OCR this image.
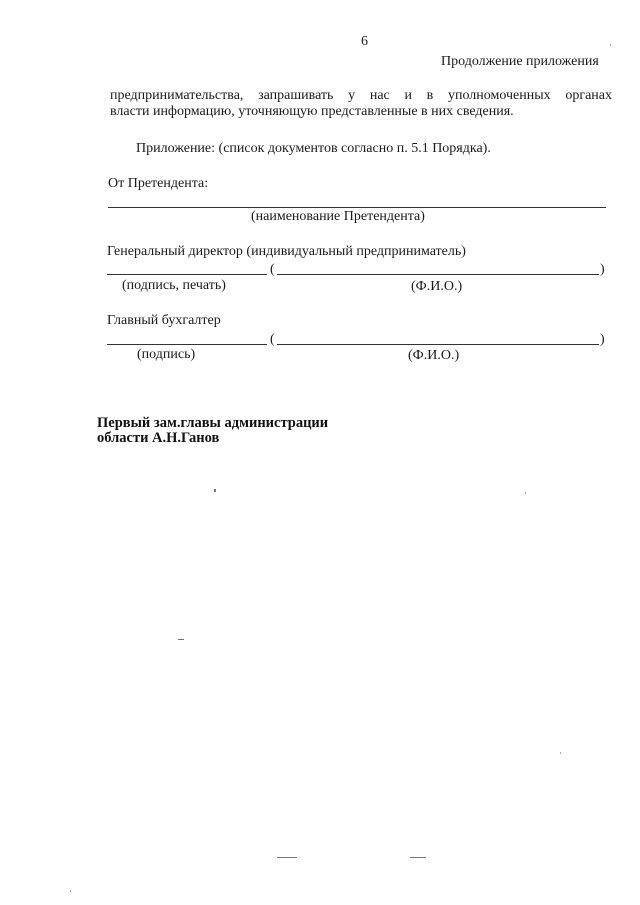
6
Продолжение приложения
предпринимательства, запрашивать у нас и в уполномоченных органах
власти информацию, уточняющую представленные в них сведения.
Приложение: (список документов согласно п. 5.1 Порядка).
От Претендента:
(наименование Претендента)
Генеральный директор (индивидуальный предприниматель)
(	)
(подпись, печать)	(Ф.И.О.)
Главный бухгалтер
(	)
(подпись)	(Ф.И.О.)
Первый зам.главы администрации
области А.Н.Ганов
